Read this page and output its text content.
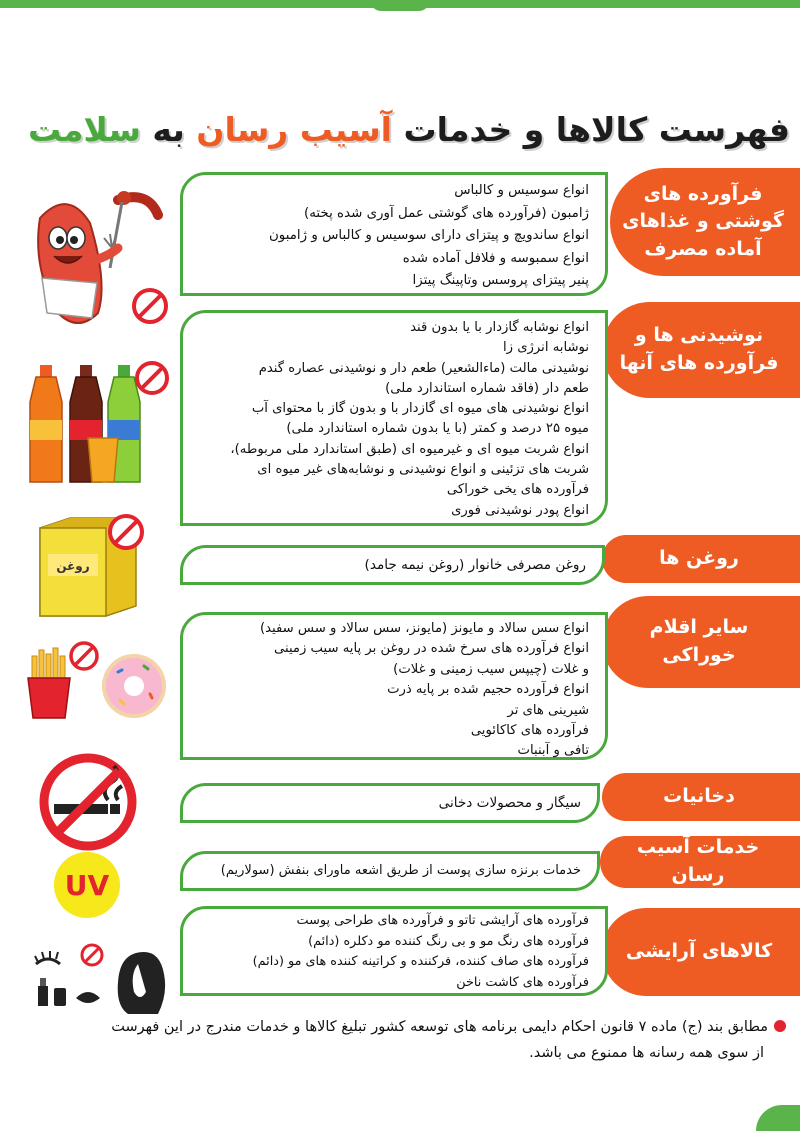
فهرست کالاها و خدمات آسیب رسان به سلامت
فرآورده های
گوشتی و غذاهای
آماده مصرف
انواع سوسیس و کالباس
ژامبون (فرآورده های گوشتی عمل آوری شده پخته)
انواع ساندویچ و پیتزای دارای سوسیس و کالباس و ژامبون
انواع سمبوسه و فلافل آماده شده
پنیر پیتزای پروسس وتاپینگ پیتزا
نوشیدنی ها و
فرآورده های آنها
انواع نوشابه گازدار با یا بدون قند
نوشابه انرژی زا
نوشیدنی مالت (ماءالشعیر) طعم دار و نوشیدنی عصاره گندم
طعم دار (فاقد شماره استاندارد ملی)
انواع نوشیدنی های میوه ای گازدار با و بدون گاز با محتوای آب
میوه ۲۵ درصد و کمتر (با یا بدون شماره استاندارد ملی)
انواع شربت میوه ای و غیرمیوه ای (طبق استاندارد ملی مربوطه)،
شربت های تزئینی و انواع نوشیدنی و نوشابه‌های غیر میوه ای
فرآورده های یخی خوراکی
انواع پودر نوشیدنی فوری
روغن ها
روغن مصرفی خانوار (روغن نیمه جامد)
سایر اقلام خوراکی
انواع سس سالاد و مایونز (مایونز، سس سالاد و سس سفید)
انواع فرآورده های سرخ شده در روغن بر پایه سیب زمینی
و غلات (چیپس سیب زمینی و غلات)
انواع فرآورده حجیم شده بر پایه ذرت
شیرینی های تر
فرآورده های کاکائویی
تافی و آبنبات
دخانیات
سیگار و محصولات دخانی
خدمات آسیب رسان
خدمات برنزه سازی پوست از طریق اشعه ماورای بنفش (سولاریم)
کالاهای آرایشی
فرآورده های آرایشی تاتو و فرآورده های طراحی پوست
فرآورده های رنگ مو و بی رنگ کننده مو دکلره (دائم)
فرآورده های صاف کننده، فرکننده و کراتینه کننده های مو (دائم)
فرآورده های کاشت ناخن
مطابق بند (ج) ماده ۷ قانون احکام دایمی برنامه های توسعه کشور تبلیغ کالاها و خدمات مندرج در این فهرست
از سوی همه رسانه ها ممنوع می باشد.
روغن
UV
